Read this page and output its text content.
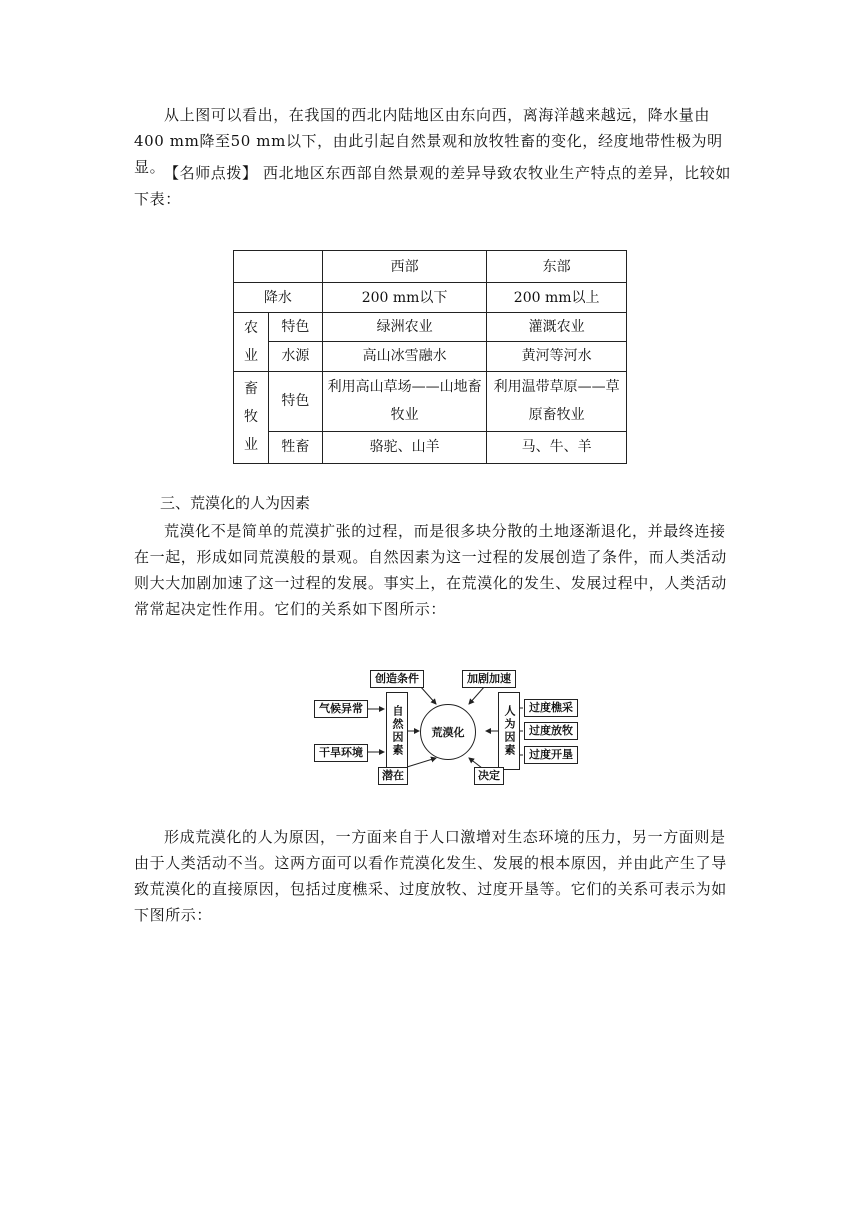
从上图可以看出，在我国的西北内陆地区由东向西，离海洋越来越远，降水量由400 mm降至50 mm以下，由此引起自然景观和放牧牲畜的变化，经度地带性极为明显。

【名师点拨】 西北地区东西部自然景观的差异导致农牧业生产特点的差异，比较如下表：

		西部	东部
降水		200 mm以下	200 mm以上
农业	特色	绿洲农业	灌溉农业
	水源	高山冰雪融水	黄河等河水
畜牧业	特色	利用高山草场——山地畜牧业	利用温带草原——草原畜牧业
	牲畜	骆驼、山羊	马、牛、羊

三、荒漠化的人为因素

荒漠化不是简单的荒漠扩张的过程，而是很多块分散的土地逐渐退化，并最终连接在一起，形成如同荒漠般的景观。自然因素为这一过程的发展创造了条件，而人类活动则大大加剧加速了这一过程的发展。事实上，在荒漠化的发生、发展过程中，人类活动常常起决定性作用。它们的关系如下图所示：

创造条件	加剧加速
气候异常
干旱环境	自然因素	荒漠化	人为因素	过度樵采
过度放牧
过度开垦
潜在	决定

形成荒漠化的人为原因，一方面来自于人口激增对生态环境的压力，另一方面则是由于人类活动不当。这两方面可以看作荒漠化发生、发展的根本原因，并由此产生了导致荒漠化的直接原因，包括过度樵采、过度放牧、过度开垦等。它们的关系可表示为如下图所示：
